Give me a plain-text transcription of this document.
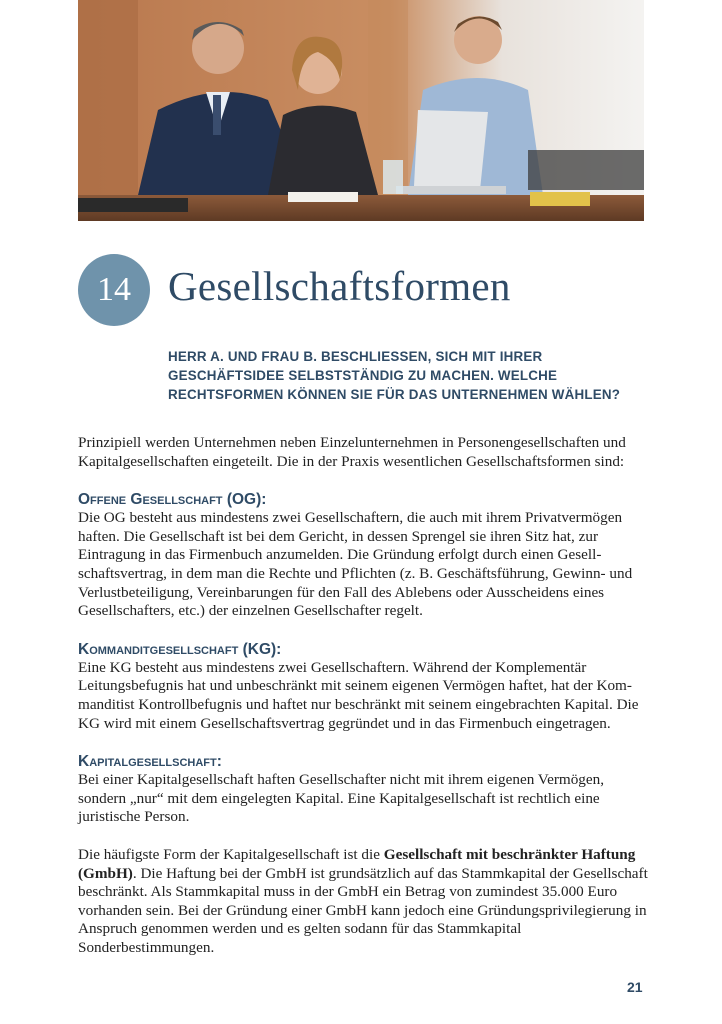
14 Gesellschaftsformen

HERR A. UND FRAU B. BESCHLIESSEN, SICH MIT IHRER GESCHÄFTSIDEE SELBSTSTÄNDIG ZU MACHEN. WELCHE RECHTSFORMEN KÖNNEN SIE FÜR DAS UNTERNEHMEN WÄHLEN?

Prinzipiell werden Unternehmen neben Einzelunternehmen in Personengesellschaften und Kapitalgesellschaften eingeteilt. Die in der Praxis wesentlichen Gesellschaftsformen sind:

Offene Gesellschaft (OG):

Die OG besteht aus mindestens zwei Gesellschaftern, die auch mit ihrem Privatvermögen haften. Die Gesellschaft ist bei dem Gericht, in dessen Sprengel sie ihren Sitz hat, zur Eintragung in das Firmenbuch anzumelden. Die Gründung erfolgt durch einen Gesellschaftsvertrag, in dem man die Rechte und Pflichten (z. B. Geschäftsführung, Gewinn- und Verlustbeteiligung, Vereinbarungen für den Fall des Ablebens oder Ausscheidens eines Gesellschafters, etc.) der einzelnen Gesellschafter regelt.

Kommanditgesellschaft (KG):

Eine KG besteht aus mindestens zwei Gesellschaftern. Während der Komplementär Leitungsbefugnis hat und unbeschränkt mit seinem eigenen Vermögen haftet, hat der Kommanditist Kontrollbefugnis und haftet nur beschränkt mit seinem eingebrachten Kapital. Die KG wird mit einem Gesellschaftsvertrag gegründet und in das Firmenbuch eingetragen.

Kapitalgesellschaft:

Bei einer Kapitalgesellschaft haften Gesellschafter nicht mit ihrem eigenen Vermögen, sondern „nur“ mit dem eingelegten Kapital. Eine Kapitalgesellschaft ist rechtlich eine juristische Person.

Die häufigste Form der Kapitalgesellschaft ist die Gesellschaft mit beschränkter Haftung (GmbH). Die Haftung bei der GmbH ist grundsätzlich auf das Stammkapital der Gesellschaft beschränkt. Als Stammkapital muss in der GmbH ein Betrag von zumindest 35.000 Euro vorhanden sein. Bei der Gründung einer GmbH kann jedoch eine Gründungsprivilegierung in Anspruch genommen werden und es gelten sodann für das Stammkapital Sonderbestimmungen.

21
